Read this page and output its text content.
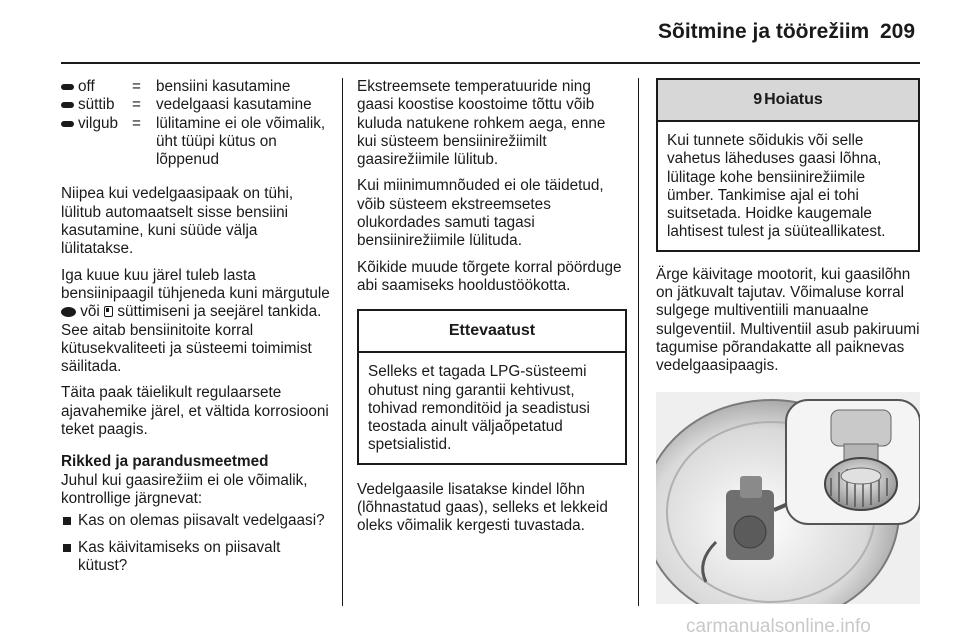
Sõitmine ja töörežiim 209
off	= bensiini kasutamine
süttib	= vedelgaasi kasutamine
vilgub = lülitamine ei ole võimalik, üht tüüpi kütus on lõppenud

Niipea kui vedelgaasipaak on tühi, lülitub automaatselt sisse bensiini kasutamine, kuni süüde välja lülitatakse.

Iga kuue kuu järel tuleb lasta bensiinipaagil tühjeneda kuni märgutule  või süttimiseni ja seejärel tankida. See aitab bensiinitoite korral kütusekvaliteeti ja süsteemi toimimist säilitada.

Täita paak täielikult regulaarsete ajavahemike järel, et vältida korrosiooni teket paagis.

Rikked ja parandusmeetmed
Juhul kui gaasirežiim ei ole võimalik, kontrollige järgnevat:
Kas on olemas piisavalt vedelgaasi?
Kas käivitamiseks on piisavalt kütust?

Ekstreemsete temperatuuride ning gaasi koostise koostoime tõttu võib kuluda natukene rohkem aega, enne kui süsteem bensiinirežiimilt gaasirežiimile lülitub.

Kui miinimumnõuded ei ole täidetud, võib süsteem ekstreemsetes olukordades samuti tagasi bensiinirežiimile lülituda.

Kõikide muude tõrgete korral pöörduge abi saamiseks hooldustöökotta.

Ettevaatust
Selleks et tagada LPG-süsteemi ohutust ning garantii kehtivust, tohivad remonditöid ja seadistusi teostada ainult väljaõpetatud spetsialistid.

Vedelgaasile lisatakse kindel lõhn (lõhnastatud gaas), selleks et lekkeid oleks võimalik kergesti tuvastada.

9 Hoiatus
Kui tunnete sõidukis või selle vahetus läheduses gaasi lõhna, lülitage kohe bensiinirežiimile ümber. Tankimise ajal ei tohi suitsetada. Hoidke kaugemale lahtisest tulest ja süüteallikatest.

Ärge käivitage mootorit, kui gaasilõhn on jätkuvalt tajutav. Võimaluse korral sulgege multiventiili manuaalne sulgeventiil. Multiventiil asub pakiruumi tagumise põrandakatte all paiknevas vedelgaasipaagis.

carmanualsonline.info
